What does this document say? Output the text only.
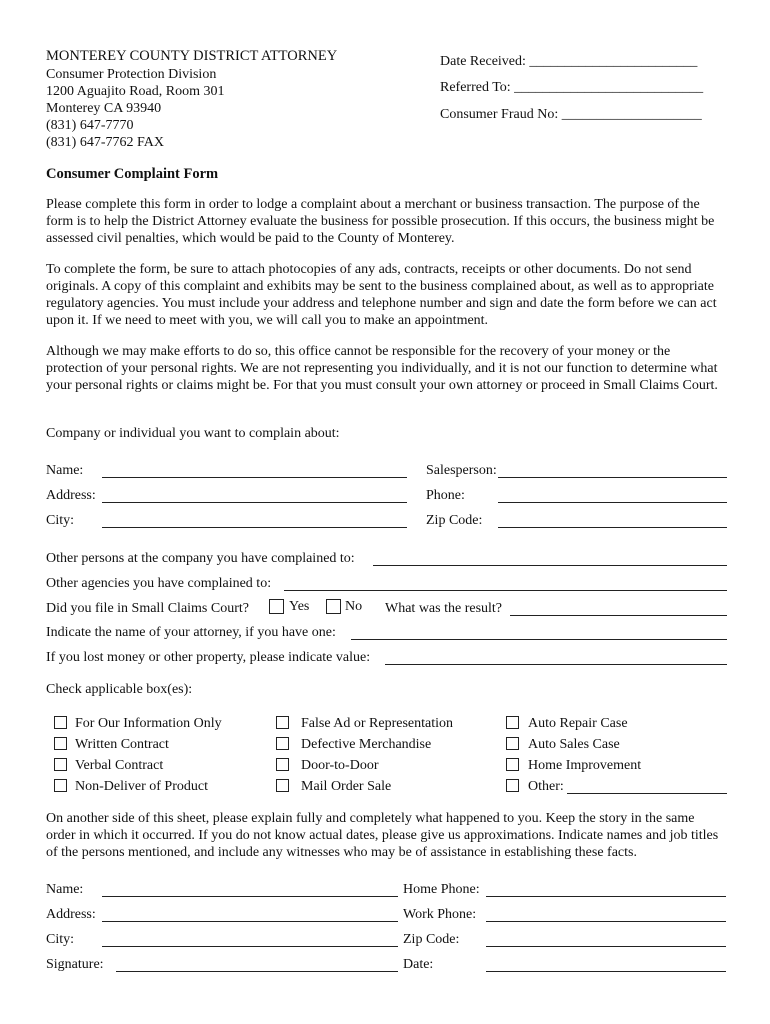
MONTEREY COUNTY DISTRICT ATTORNEY
Consumer Protection Division
1200 Aguajito Road, Room 301
Monterey CA 93940
(831) 647-7770
(831) 647-7762 FAX
Date Received: ________________________
Referred To: ___________________________
Consumer Fraud No: ____________________
Consumer Complaint Form
Please complete this form in order to lodge a complaint about a merchant or business transaction. The purpose of the form is to help the District Attorney evaluate the business for possible prosecution. If this occurs, the business might be assessed civil penalties, which would be paid to the County of Monterey.
To complete the form, be sure to attach photocopies of any ads, contracts, receipts or other documents. Do not send originals. A copy of this complaint and exhibits may be sent to the business complained about, as well as to appropriate regulatory agencies. You must include your address and telephone number and sign and date the form before we can act upon it. If we need to meet with you, we will call you to make an appointment.
Although we may make efforts to do so, this office cannot be responsible for the recovery of your money or the protection of your personal rights. We are not representing you individually, and it is not our function to determine what your personal rights or claims might be. For that you must consult your own attorney or proceed in Small Claims Court.
Company or individual you want to complain about:
Name:
Address:
City:
Salesperson:
Phone:
Zip Code:
Other persons at the company you have complained to:
Other agencies you have complained to:
Did you file in Small Claims Court?	Yes	No What was the result?
Indicate the name of your attorney, if you have one:
If you lost money or other property, please indicate value:
Check applicable box(es):
For Our Information Only
Written Contract
Verbal Contract
Non-Deliver of Product
False Ad or Representation
Defective Merchandise
Door-to-Door
Mail Order Sale
Auto Repair Case
Auto Sales Case
Home Improvement
Other:
On another side of this sheet, please explain fully and completely what happened to you. Keep the story in the same order in which it occurred. If you do not know actual dates, please give us approximations. Indicate names and job titles of the persons mentioned, and include any witnesses who may be of assistance in establishing these facts.
Name:
Address:
City:
Signature:
Home Phone:
Work Phone:
Zip Code:
Date:
